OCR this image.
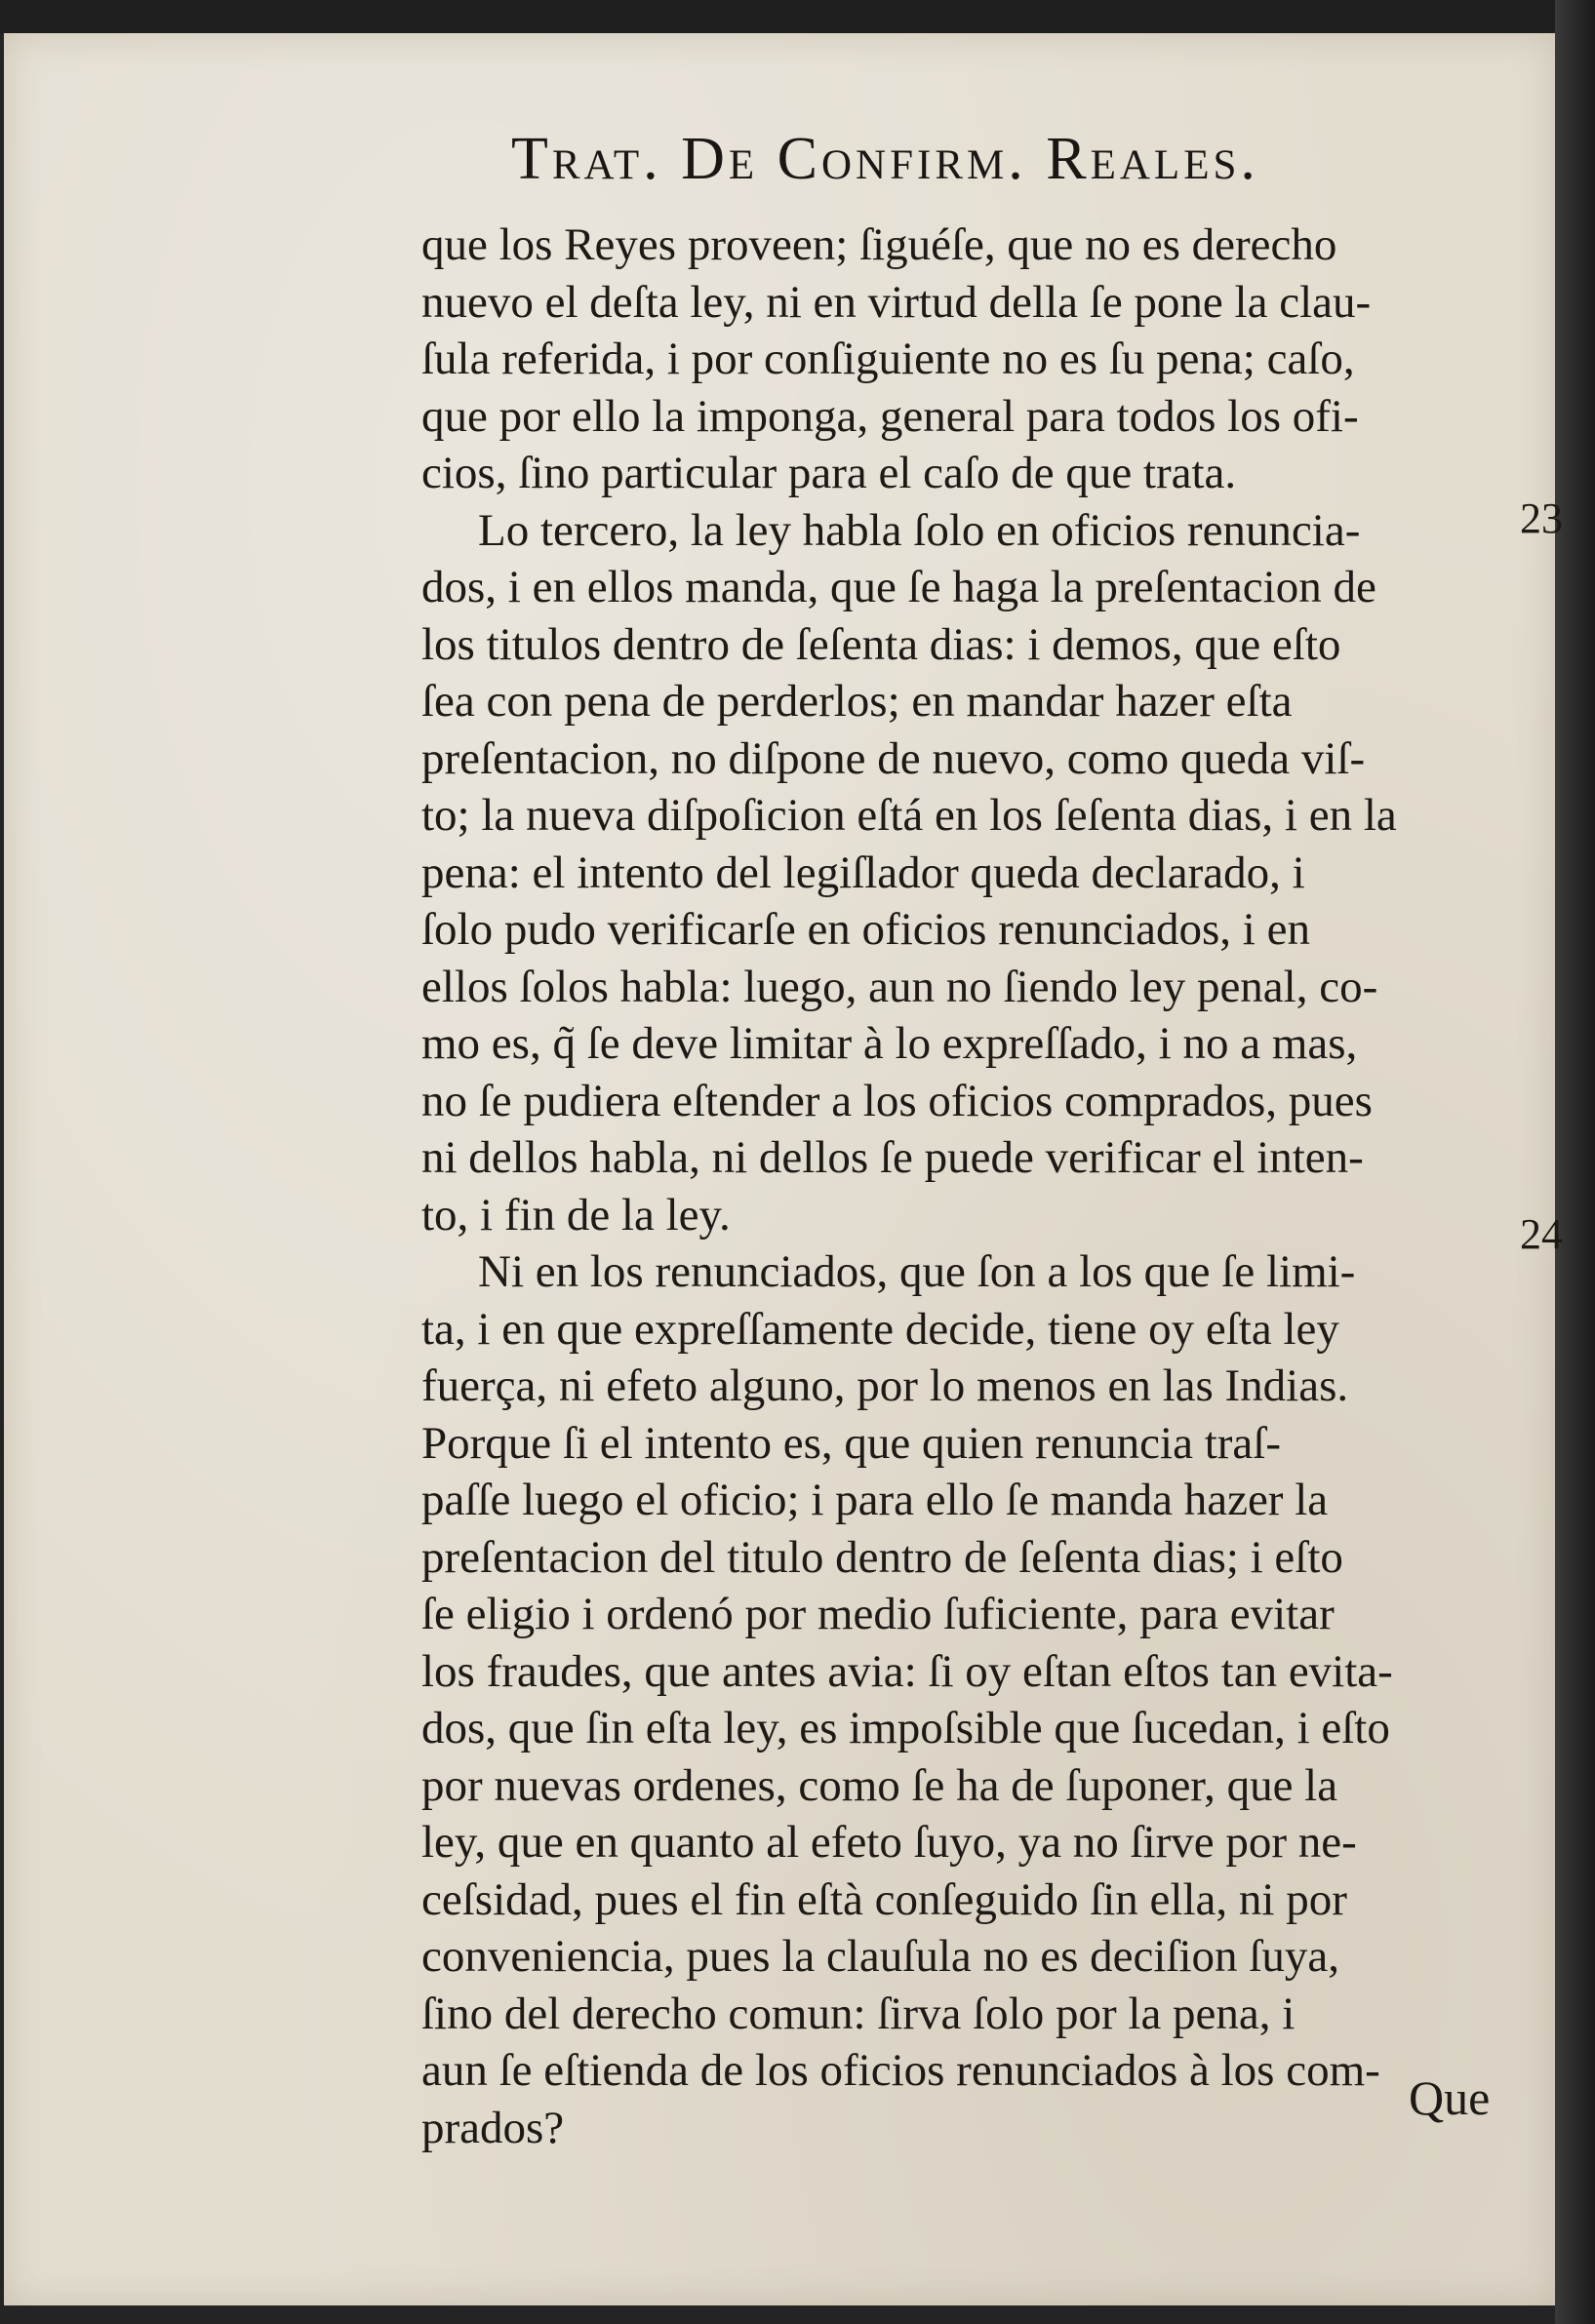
Trat. De Confirm. Reales.
que los Reyes proveen; ſiguéſe, que no es derecho
nuevo el deſta ley, ni en virtud della ſe pone la clau-
ſula referida, i por conſiguiente no es ſu pena; caſo,
que por ello la imponga, general para todos los ofi-
cios, ſino particular para el caſo de que trata.
Lo tercero, la ley habla ſolo en oficios renuncia-
dos, i en ellos manda, que ſe haga la preſentacion de
los titulos dentro de ſeſenta dias: i demos, que eſto
ſea con pena de perderlos; en mandar hazer eſta
preſentacion, no diſpone de nuevo, como queda viſ-
to; la nueva diſpoſicion eſtá en los ſeſenta dias, i en la
pena: el intento del legiſlador queda declarado, i
ſolo pudo verificarſe en oficios renunciados, i en
ellos ſolos habla: luego, aun no ſiendo ley penal, co-
mo es, q̃ ſe deve limitar à lo expreſſado, i no a mas,
no ſe pudiera eſtender a los oficios comprados, pues
ni dellos habla, ni dellos ſe puede verificar el inten-
to, i fin de la ley.
Ni en los renunciados, que ſon a los que ſe limi-
ta, i en que expreſſamente decide, tiene oy eſta ley
fuerça, ni efeto alguno, por lo menos en las Indias.
Porque ſi el intento es, que quien renuncia traſ-
paſſe luego el oficio; i para ello ſe manda hazer la
preſentacion del titulo dentro de ſeſenta dias; i eſto
ſe eligio i ordenó por medio ſuficiente, para evitar
los fraudes, que antes avia: ſi oy eſtan eſtos tan evita-
dos, que ſin eſta ley, es impoſsible que ſucedan, i eſto
por nuevas ordenes, como ſe ha de ſuponer, que la
ley, que en quanto al efeto ſuyo, ya no ſirve por ne-
ceſsidad, pues el fin eſtà conſeguido ſin ella, ni por
conveniencia, pues la clauſula no es deciſion ſuya,
ſino del derecho comun: ſirva ſolo por la pena, i
aun ſe eſtienda de los oficios renunciados à los com-
prados?
23
24
Que
